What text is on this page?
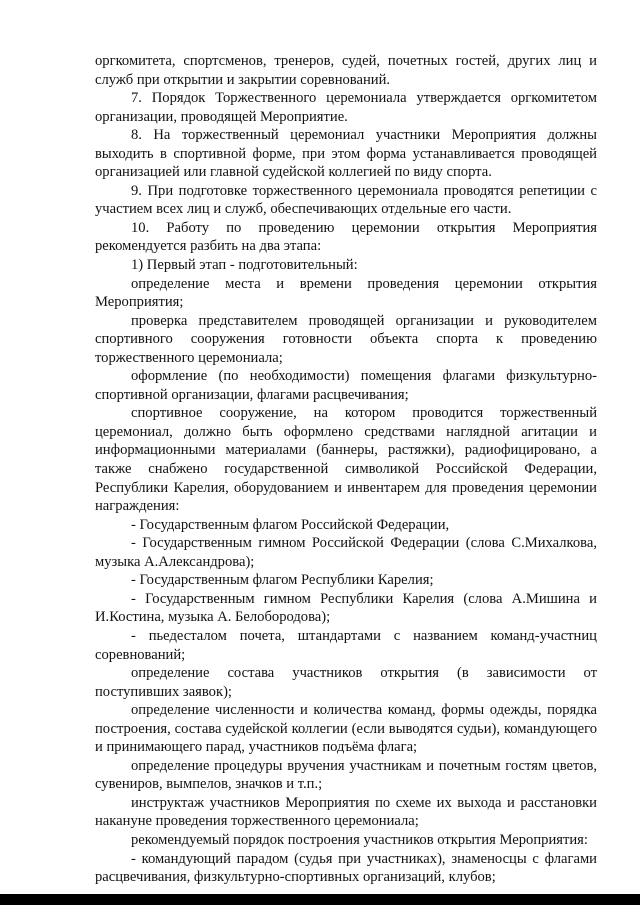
оргкомитета, спортсменов, тренеров, судей, почетных гостей, других лиц и служб при открытии и закрытии соревнований.

7. Порядок Торжественного церемониала утверждается оргкомитетом организации, проводящей Мероприятие.

8. На торжественный церемониал участники Мероприятия должны выходить в спортивной форме, при этом форма устанавливается проводящей организацией или главной судейской коллегией по виду спорта.

9. При подготовке торжественного церемониала проводятся репетиции с участием всех лиц и служб, обеспечивающих отдельные его части.

10. Работу по проведению церемонии открытия Мероприятия рекомендуется разбить на два этапа:

1) Первый этап - подготовительный:

определение места и времени проведения церемонии открытия Мероприятия;

проверка представителем проводящей организации и руководителем спортивного сооружения готовности объекта спорта к проведению торжественного церемониала;

оформление (по необходимости) помещения флагами физкультурно-спортивной организации, флагами расцвечивания;

спортивное сооружение, на котором проводится торжественный церемониал, должно быть оформлено средствами наглядной агитации и информационными материалами (баннеры, растяжки), радиофицировано, а также снабжено государственной символикой Российской Федерации, Республики Карелия, оборудованием и инвентарем для проведения церемонии награждения:

- Государственным флагом Российской Федерации,

- Государственным гимном Российской Федерации (слова С.Михалкова, музыка А.Александрова);

- Государственным флагом Республики Карелия;

- Государственным гимном Республики Карелия (слова А.Мишина и И.Костина, музыка А. Белобородова);

- пьедесталом почета, штандартами с названием команд-участниц соревнований;

определение состава участников открытия (в зависимости от поступивших заявок);

определение численности и количества команд, формы одежды, порядка построения, состава судейской коллегии (если выводятся судьи), командующего и принимающего парад, участников подъёма флага;

определение процедуры вручения участникам и почетным гостям цветов, сувениров, вымпелов, значков и т.п.;

инструктаж участников Мероприятия по схеме их выхода и расстановки накануне проведения торжественного церемониала;

рекомендуемый порядок построения участников открытия Мероприятия:

- командующий парадом (судья при участниках), знаменосцы с флагами расцвечивания, физкультурно-спортивных организаций, клубов;
